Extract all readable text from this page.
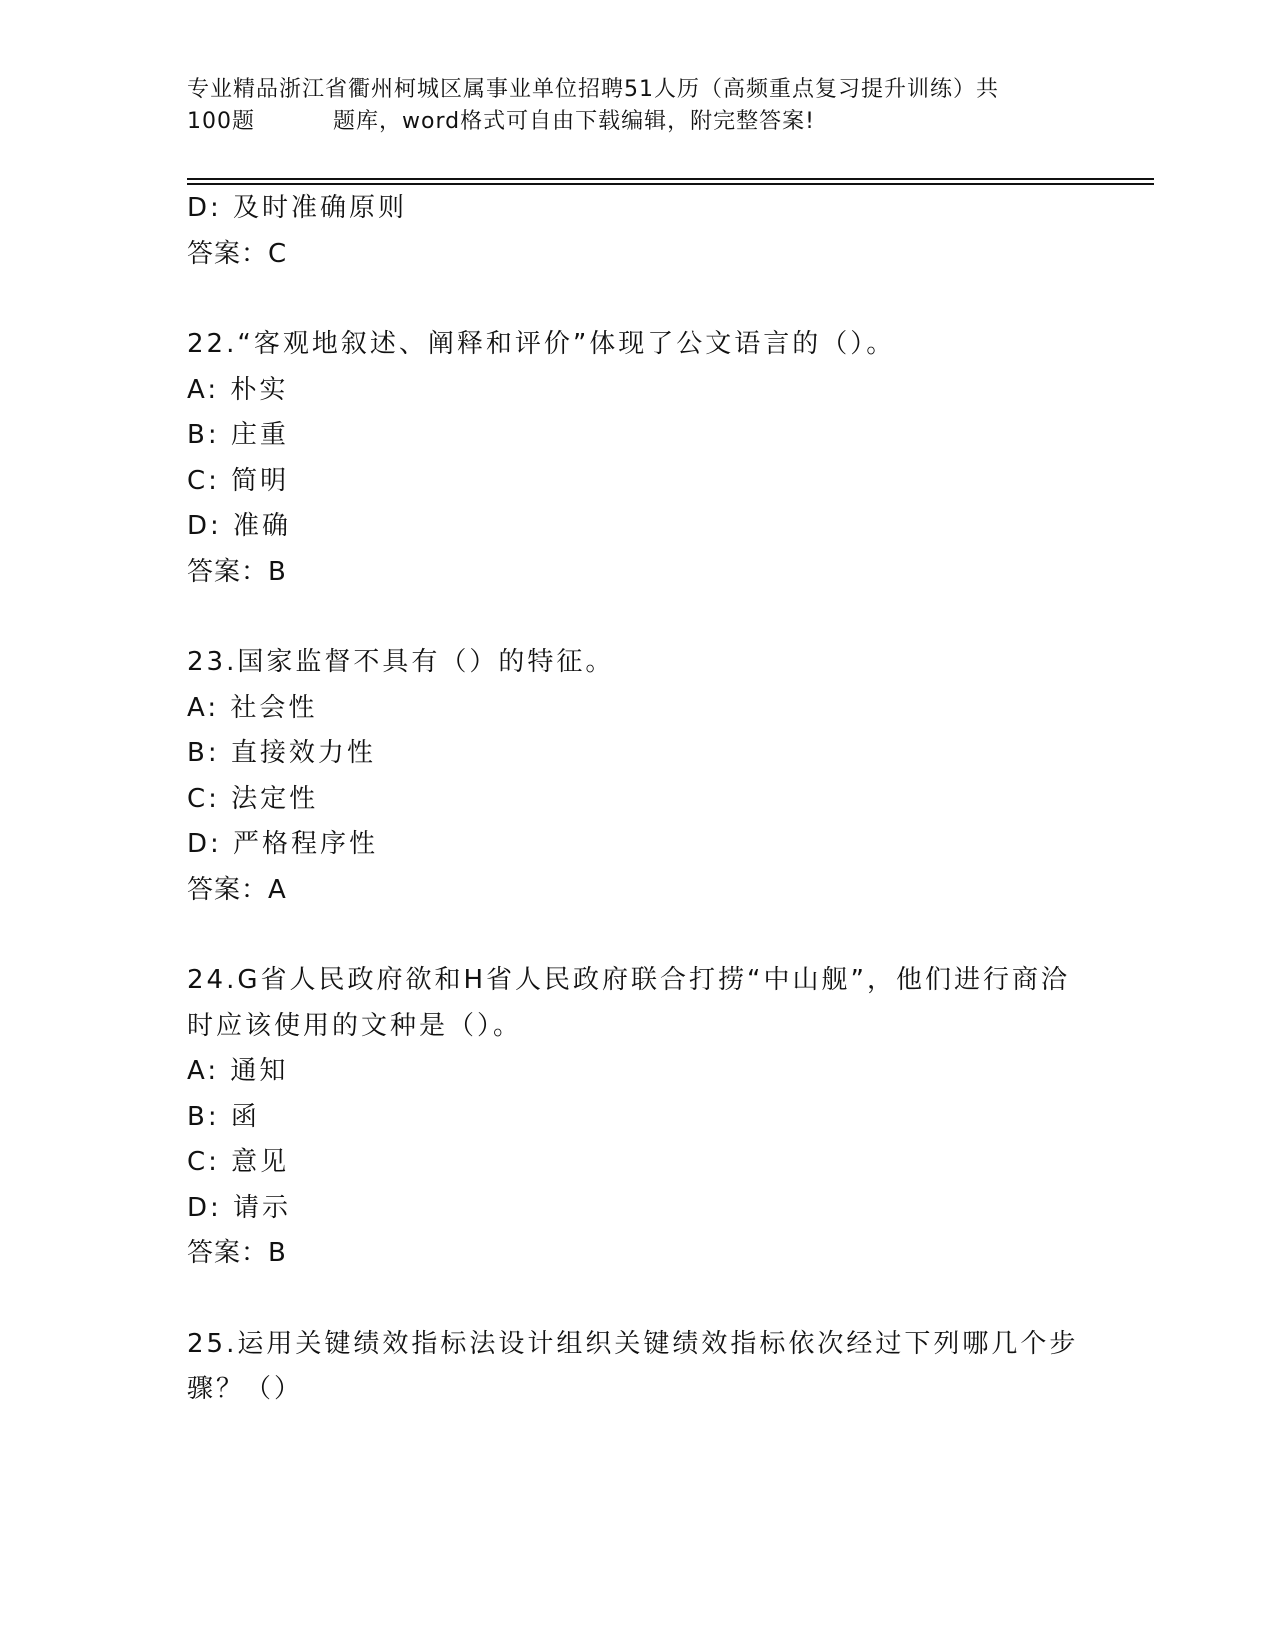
专业精品浙江省衢州柯城区属事业单位招聘51人历（高频重点复习提升训练）共
100题	题库，word格式可自由下载编辑，附完整答案!
D: 及时准确原则
答案：C
22.“客观地叙述、阐释和评价”体现了公文语言的（）。
A: 朴实
B: 庄重
C: 简明
D: 准确
答案：B
23.国家监督不具有（）的特征。
A: 社会性
B: 直接效力性
C: 法定性
D: 严格程序性
答案：A
24.G省人民政府欲和H省人民政府联合打捞“中山舰”，他们进行商洽时应该使用的文种是（）。
A: 通知
B: 函
C: 意见
D: 请示
答案：B
25.运用关键绩效指标法设计组织关键绩效指标依次经过下列哪几个步骤？（）
